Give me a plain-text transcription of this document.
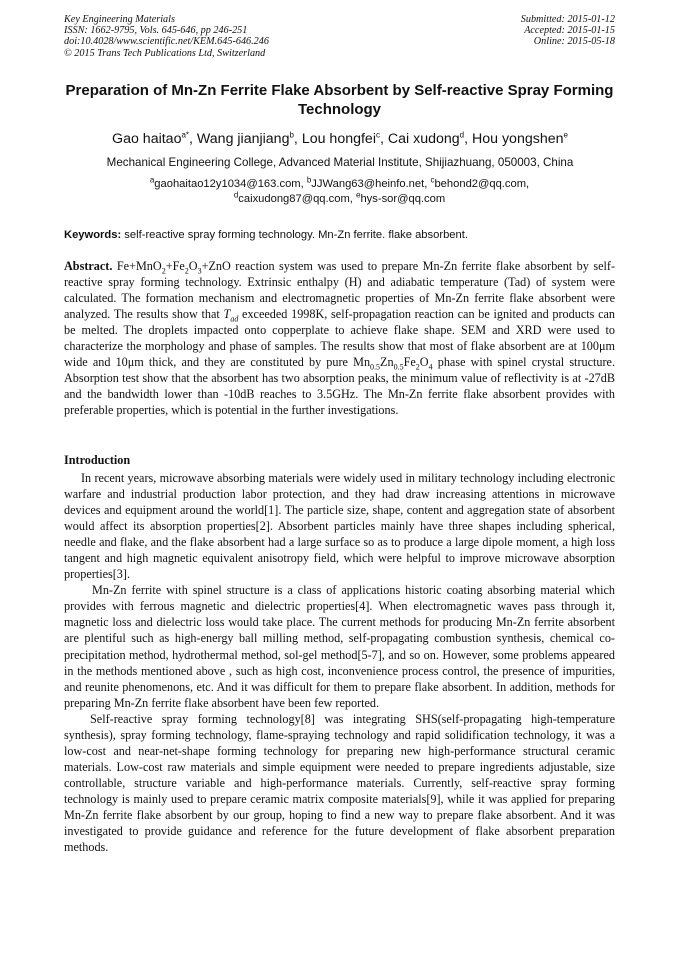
Key Engineering Materials
ISSN: 1662-9795, Vols. 645-646, pp 246-251
doi:10.4028/www.scientific.net/KEM.645-646.246
© 2015 Trans Tech Publications Ltd, Switzerland
Submitted: 2015-01-12
Accepted: 2015-01-15
Online: 2015-05-18
Preparation of Mn-Zn Ferrite Flake Absorbent by Self-reactive Spray Forming Technology
Gao haitao$^{a*}$, Wang jianjiang$^b$, Lou hongfei$^c$, Cai xudong$^d$, Hou yongshen$^e$
Mechanical Engineering College, Advanced Material Institute, Shijiazhuang, 050003, China
$^a$gaohaitao12y1034@163.com, $^b$JJWang63@heinfo.net, $^c$behond2@qq.com,
$^d$caixudong87@qq.com, $^e$hys-sor@qq.com
Keywords: self-reactive spray forming technology. Mn-Zn ferrite. flake absorbent.
Abstract. $Fe+MnO_2+Fe_2O_3+ZnO$ reaction system was used to prepare Mn-Zn ferrite flake absorbent by self-reactive spray forming technology. Extrinsic enthalpy (H) and adiabatic temperature (Tad) of system were calculated. The formation mechanism and electromagnetic properties of Mn-Zn ferrite flake absorbent were analyzed. The results show that $T_{ad}$ exceeded 1998K, self-propagation reaction can be ignited and products can be melted. The droplets impacted onto copperplate to achieve flake shape. SEM and XRD were used to characterize the morphology and phase of samples. The results show that most of flake absorbent are at 100μm wide and 10μm thick, and they are constituted by pure $Mn_{0.5}Zn_{0.5}Fe_2O_4$ phase with spinel crystal structure. Absorption test show that the absorbent has two absorption peaks, the minimum value of reflectivity is at -27dB and the bandwidth lower than -10dB reaches to 3.5GHz. The Mn-Zn ferrite flake absorbent provides with preferable properties, which is potential in the further investigations.
Introduction

In recent years, microwave absorbing materials were widely used in military technology including electronic warfare and industrial production labor protection, and they had draw increasing attentions in microwave devices and equipment around the world[1]. The particle size, shape, content and aggregation state of absorbent would affect its absorption properties[2]. Absorbent particles mainly have three shapes including spherical, needle and flake, and the flake absorbent had a large surface so as to produce a large dipole moment, a high loss tangent and high magnetic equivalent anisotropy field, which were helpful to improve microwave absorption properties[3].

Mn-Zn ferrite with spinel structure is a class of applications historic coating absorbing material which provides with ferrous magnetic and dielectric properties[4]. When electromagnetic waves pass through it, magnetic loss and dielectric loss would take place. The current methods for producing Mn-Zn ferrite absorbent are plentiful such as high-energy ball milling method, self-propagating combustion synthesis, chemical co-precipitation method, hydrothermal method, sol-gel method[5-7], and so on. However, some problems appeared in the methods mentioned above , such as high cost, inconvenience process control, the presence of impurities, and reunite phenomenons, etc. And it was difficult for them to prepare flake absorbent. In addition, methods for preparing Mn-Zn ferrite flake absorbent have been few reported.

Self-reactive spray forming technology[8] was integrating SHS(self-propagating high-temperature synthesis), spray forming technology, flame-spraying technology and rapid solidification technology, it was a low-cost and near-net-shape forming technology for preparing new high-performance structural ceramic materials. Low-cost raw materials and simple equipment were needed to prepare ingredients adjustable, size controllable, structure variable and high-performance materials. Currently, self-reactive spray forming technology is mainly used to prepare ceramic matrix composite materials[9], while it was applied for preparing Mn-Zn ferrite flake absorbent by our group, hoping to find a new way to prepare flake absorbent. And it was investigated to provide guidance and reference for the future development of flake absorbent preparation methods.
